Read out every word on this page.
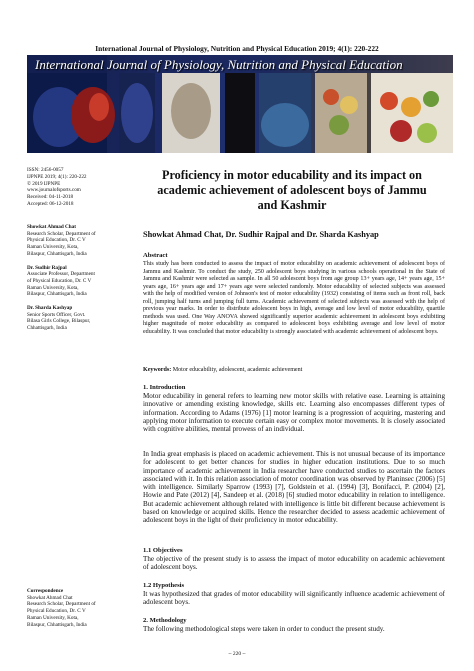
International Journal of Physiology, Nutrition and Physical Education 2019; 4(1): 220-222
International Journal of Physiology, Nutrition and Physical Education
ISSN: 2456-0057
IJPNPE 2019; 4(1): 220-222
© 2019 IJPNPE
www.journalofsports.com
Received: 04-11-2018
Accepted: 06-12-2018
Showkat Ahmad Chat
Research Scholar, Department of
Physical Education, Dr. C V
Raman University, Kota,
Bilaspur, Chhattisgarh, India
Dr. Sudhir Rajpal
Associate Professor, Department
of Physical Education, Dr. C V
Raman University, Kota,
Bilaspur, Chhattisgarh, India
Dr. Sharda Kashyap
Senior Sports Officer, Govt.
Bilasa Girls College, Bilaspur,
Chhattisgarh, India
Correspondence
Showkat Ahmad Chat
Research Scholar, Department of
Physical Education, Dr. C V
Raman University, Kota,
Bilaspur, Chhattisgarh, India
Proficiency in motor educability and its impact on academic achievement of adolescent boys of Jammu and Kashmir
Showkat Ahmad Chat, Dr. Sudhir Rajpal and Dr. Sharda Kashyap
Abstract
This study has been conducted to assess the impact of motor educability on academic achievement of adolescent boys of Jammu and Kashmir. To conduct the study, 250 adolescent boys studying in various schools operational in the State of Jammu and Kashmir were selected as sample. In all 50 adolescent boys from age group 13+ years age, 14+ years age, 15+ years age, 16+ years age and 17+ years age were selected randomly. Motor educability of selected subjects was assessed with the help of modified version of Johnson's test of motor educability (1932) consisting of items such as front roll, back roll, jumping half turns and jumping full turns. Academic achievement of selected subjects was assessed with the help of previous year marks. In order to distribute adolescent boys in high, average and low level of motor educability, quartile methods was used. One Way ANOVA showed significantly superior academic achievement in adolescent boys exhibiting higher magnitude of motor educability as compared to adolescent boys exhibiting average and low level of motor educability. It was concluded that motor educability is strongly associated with academic achievement of adolescent boys.
Keywords: Motor educability, adolescent, academic achievement
1. Introduction
Motor educability in general refers to learning new motor skills with relative ease. Learning is attaining innovative or amending existing knowledge, skills etc. Learning also encompasses different types of information. According to Adams (1976) [1] motor learning is a progression of acquiring, mastering and applying motor information to execute certain easy or complex motor movements. It is closely associated with cognitive abilities, mental prowess of an individual.
In India great emphasis is placed on academic achievement. This is not unusual because of its importance for adolescent to get better chances for studies in higher education institutions. Due to so much importance of academic achievement in India researcher have conducted studies to ascertain the factors associated with it. In this relation association of motor coordination was observed by Planinsec (2006) [5] with intelligence. Similarly Sparrow (1993) [7], Goldstein et al. (1994) [3], Bonifacci, P. (2004) [2], Howie and Pate (2012) [4], Sandeep et al. (2018) [6] studied motor educability in relation to intelligence. But academic achievement although related with intelligence is little bit different because achievement is based on knowledge or acquired skills. Hence the researcher decided to assess academic achievement of adolescent boys in the light of their proficiency in motor educability.
1.1 Objectives
The objective of the present study is to assess the impact of motor educability on academic achievement of adolescent boys.
1.2 Hypothesis
It was hypothesized that grades of motor educability will significantly influence academic achievement of adolescent boys.
2. Methodology
The following methodological steps were taken in order to conduct the present study.
~ 220 ~
